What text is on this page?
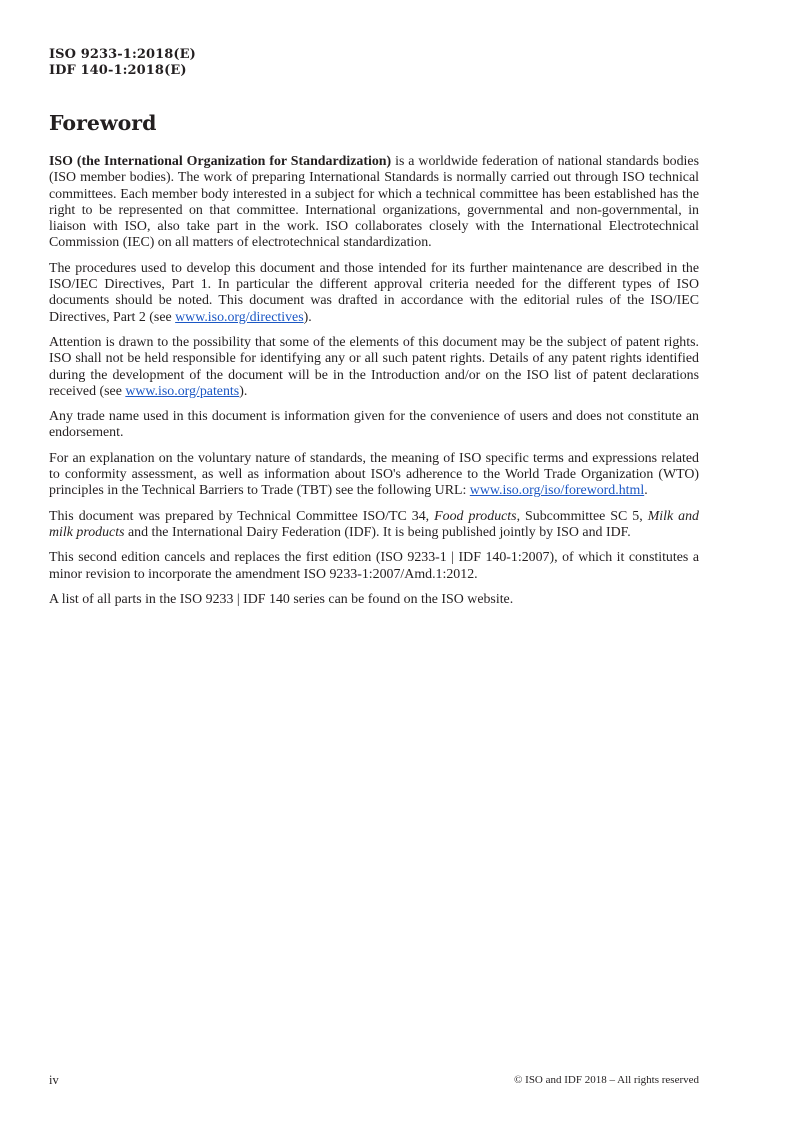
ISO 9233-1:2018(E)
IDF 140-1:2018(E)
Foreword

ISO (the International Organization for Standardization) is a worldwide federation of national standards bodies (ISO member bodies). The work of preparing International Standards is normally carried out through ISO technical committees. Each member body interested in a subject for which a technical committee has been established has the right to be represented on that committee. International organizations, governmental and non-governmental, in liaison with ISO, also take part in the work. ISO collaborates closely with the International Electrotechnical Commission (IEC) on all matters of electrotechnical standardization.

The procedures used to develop this document and those intended for its further maintenance are described in the ISO/IEC Directives, Part 1. In particular the different approval criteria needed for the different types of ISO documents should be noted. This document was drafted in accordance with the editorial rules of the ISO/IEC Directives, Part 2 (see www.iso.org/directives).

Attention is drawn to the possibility that some of the elements of this document may be the subject of patent rights. ISO shall not be held responsible for identifying any or all such patent rights. Details of any patent rights identified during the development of the document will be in the Introduction and/or on the ISO list of patent declarations received (see www.iso.org/patents).

Any trade name used in this document is information given for the convenience of users and does not constitute an endorsement.

For an explanation on the voluntary nature of standards, the meaning of ISO specific terms and expressions related to conformity assessment, as well as information about ISO's adherence to the World Trade Organization (WTO) principles in the Technical Barriers to Trade (TBT) see the following URL: www.iso.org/iso/foreword.html.

This document was prepared by Technical Committee ISO/TC 34, Food products, Subcommittee SC 5, Milk and milk products and the International Dairy Federation (IDF). It is being published jointly by ISO and IDF.

This second edition cancels and replaces the first edition (ISO 9233-1 | IDF 140-1:2007), of which it constitutes a minor revision to incorporate the amendment ISO 9233-1:2007/Amd.1:2012.

A list of all parts in the ISO 9233 | IDF 140 series can be found on the ISO website.

iv	© ISO and IDF 2018 – All rights reserved
